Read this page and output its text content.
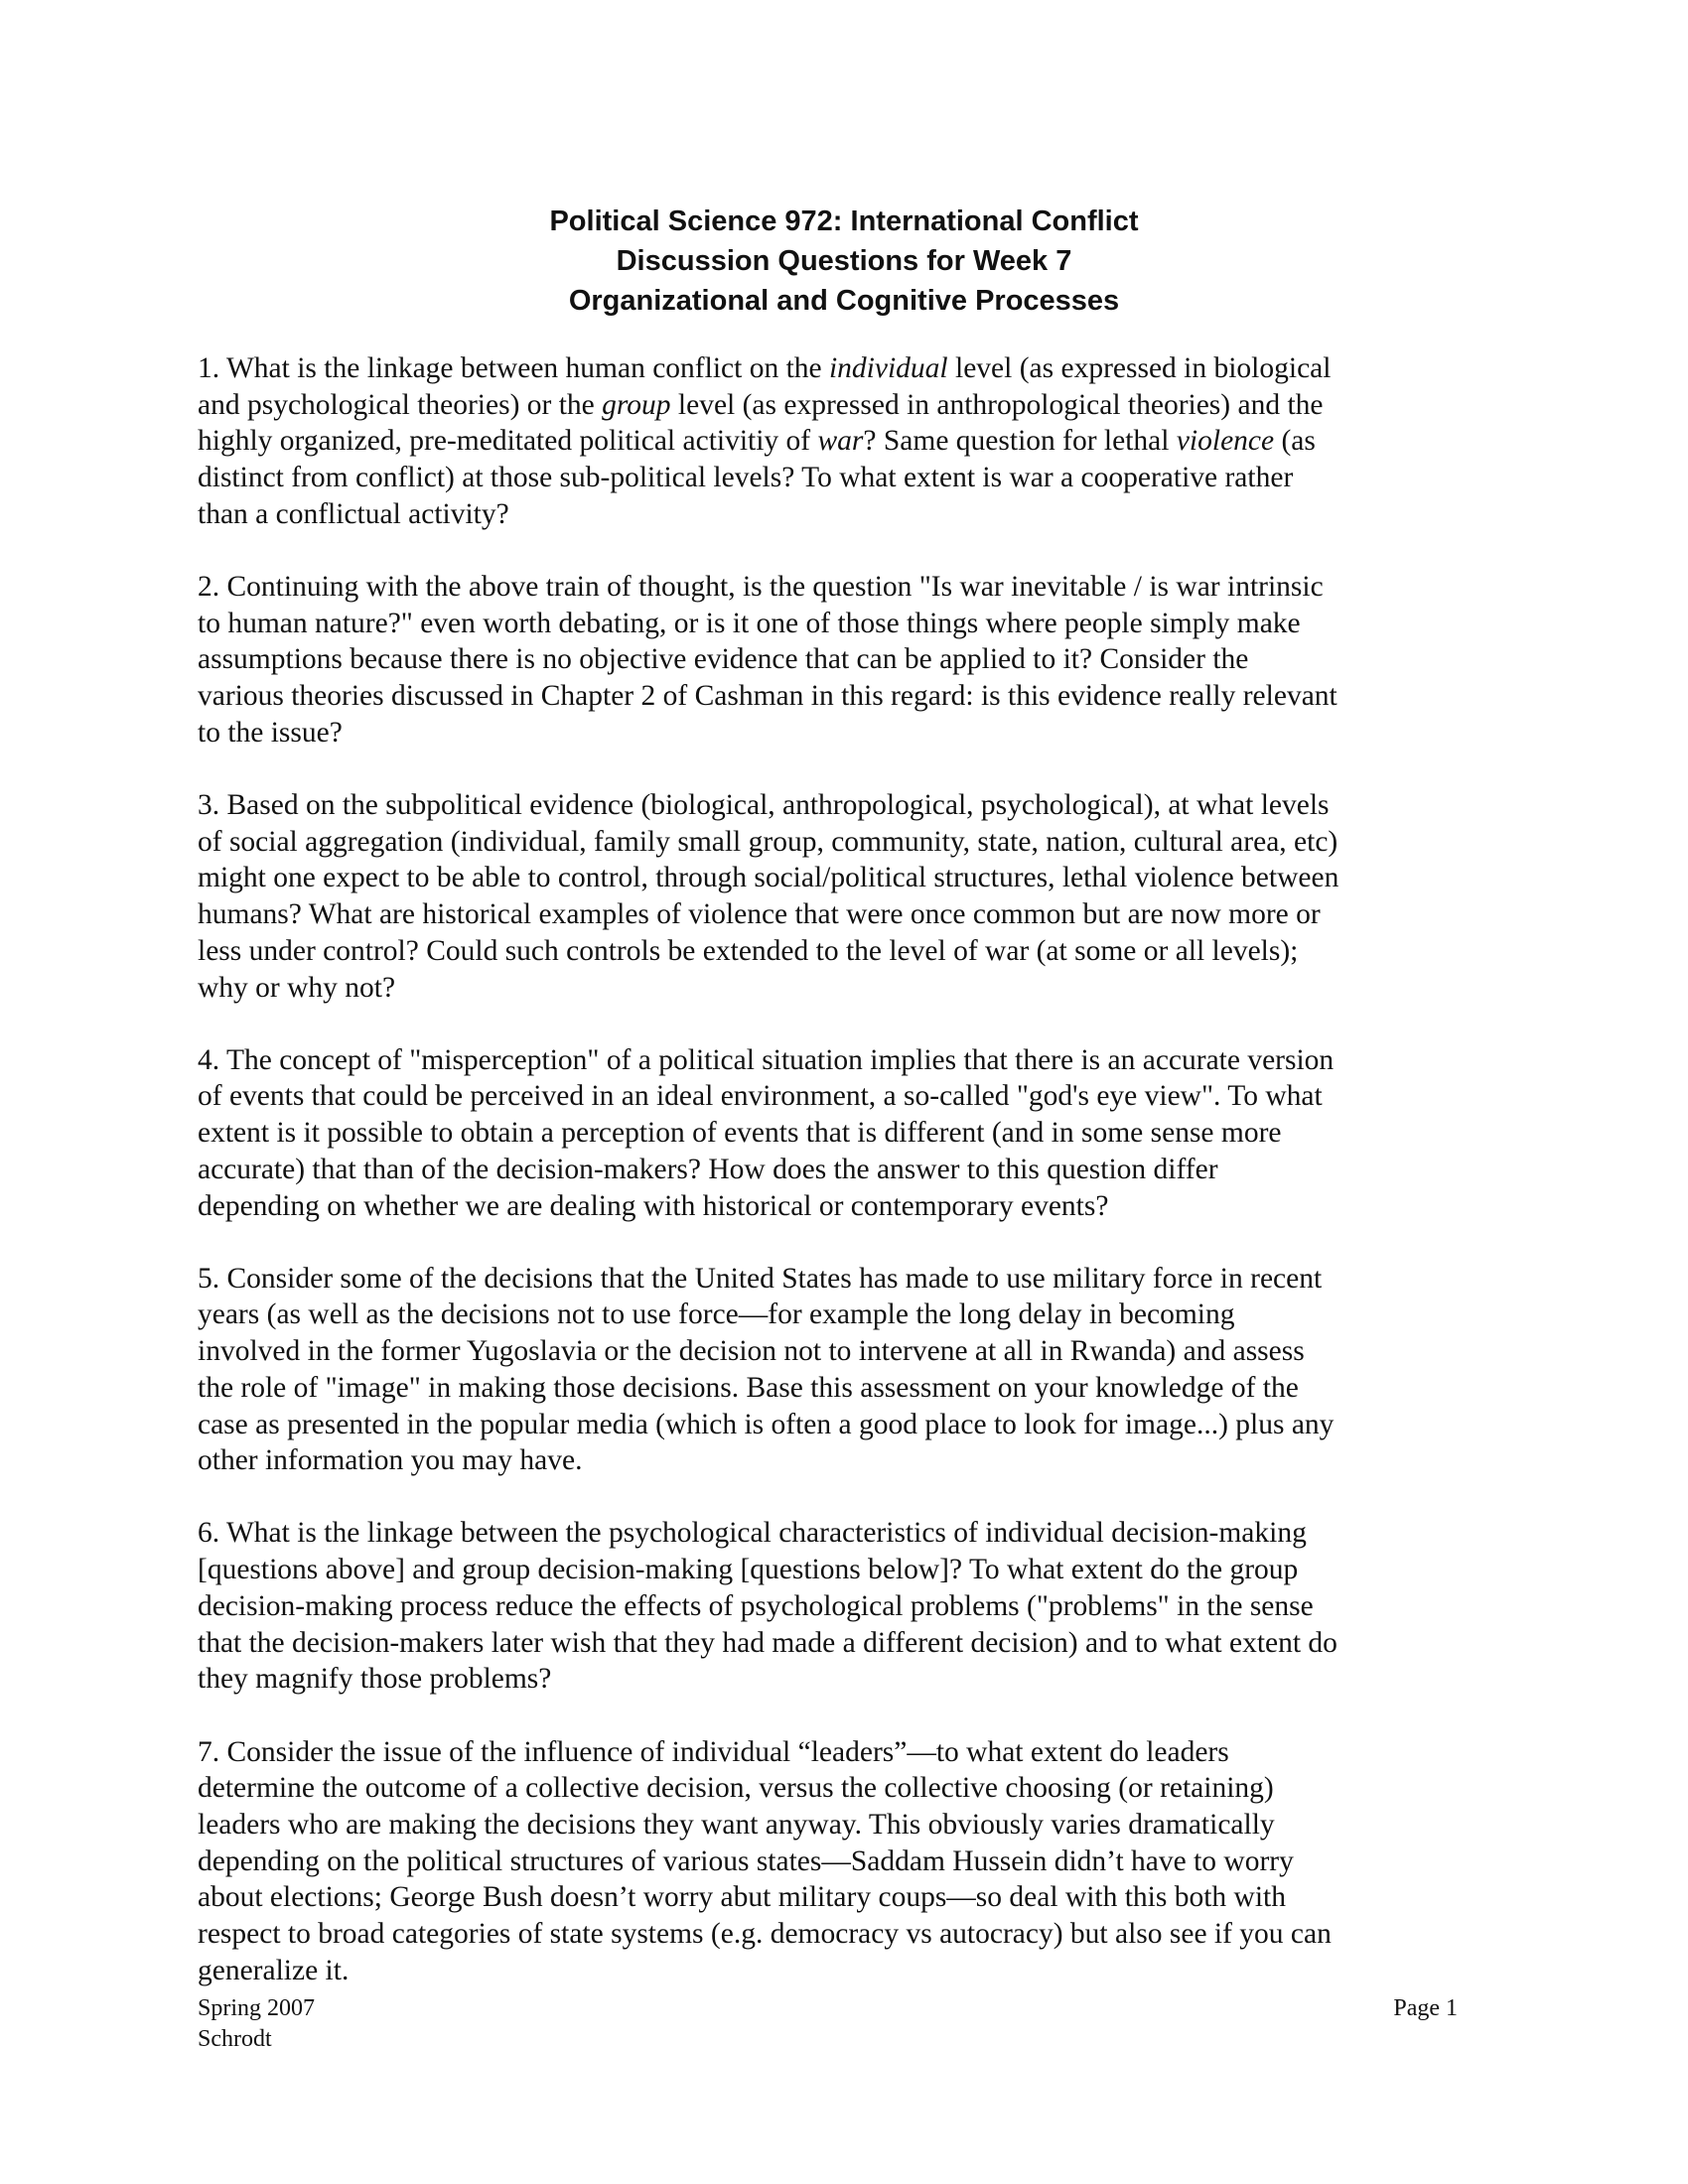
Political Science 972: International Conflict
Discussion Questions for Week 7
Organizational and Cognitive Processes
1. What is the linkage between human conflict on the individual level (as expressed in biological
and psychological theories) or the group level (as expressed in anthropological theories) and the
highly organized, pre-meditated political activitiy of war? Same question for lethal violence (as
distinct from conflict) at those sub-political levels? To what extent is war a cooperative rather
than a conflictual activity?
2. Continuing with the above train of thought, is the question "Is war inevitable / is war intrinsic
to human nature?" even worth debating, or is it one of those things where people simply make
assumptions because there is no objective evidence that can be applied to it? Consider the
various theories discussed in Chapter 2 of Cashman in this regard: is this evidence really relevant
to the issue?
3. Based on the subpolitical evidence (biological, anthropological, psychological), at what levels
of social aggregation (individual, family small group, community, state, nation, cultural area, etc)
might one expect to be able to control, through social/political structures, lethal violence between
humans? What are historical examples of violence that were once common but are now more or
less under control? Could such controls be extended to the level of war (at some or all levels);
why or why not?
4. The concept of "misperception" of a political situation implies that there is an accurate version
of events that could be perceived in an ideal environment, a so-called "god's eye view". To what
extent is it possible to obtain a perception of events that is different (and in some sense more
accurate) that than of the decision-makers? How does the answer to this question differ
depending on whether we are dealing with historical or contemporary events?
5. Consider some of the decisions that the United States has made to use military force in recent
years (as well as the decisions not to use force—for example the long delay in becoming
involved in the former Yugoslavia or the decision not to intervene at all in Rwanda) and assess
the role of "image" in making those decisions. Base this assessment on your knowledge of the
case as presented in the popular media (which is often a good place to look for image...) plus any
other information you may have.
6. What is the linkage between the psychological characteristics of individual decision-making
[questions above] and group decision-making [questions below]? To what extent do the group
decision-making process reduce the effects of psychological problems ("problems" in the sense
that the decision-makers later wish that they had made a different decision) and to what extent do
they magnify those problems?
7. Consider the issue of the influence of individual “leaders”—to what extent do leaders
determine the outcome of a collective decision, versus the collective choosing (or retaining)
leaders who are making the decisions they want anyway. This obviously varies dramatically
depending on the political structures of various states—Saddam Hussein didn’t have to worry
about elections; George Bush doesn’t worry abut military coups—so deal with this both with
respect to broad categories of state systems (e.g. democracy vs autocracy) but also see if you can
generalize it.
Spring 2007
Schrodt
Page 1
